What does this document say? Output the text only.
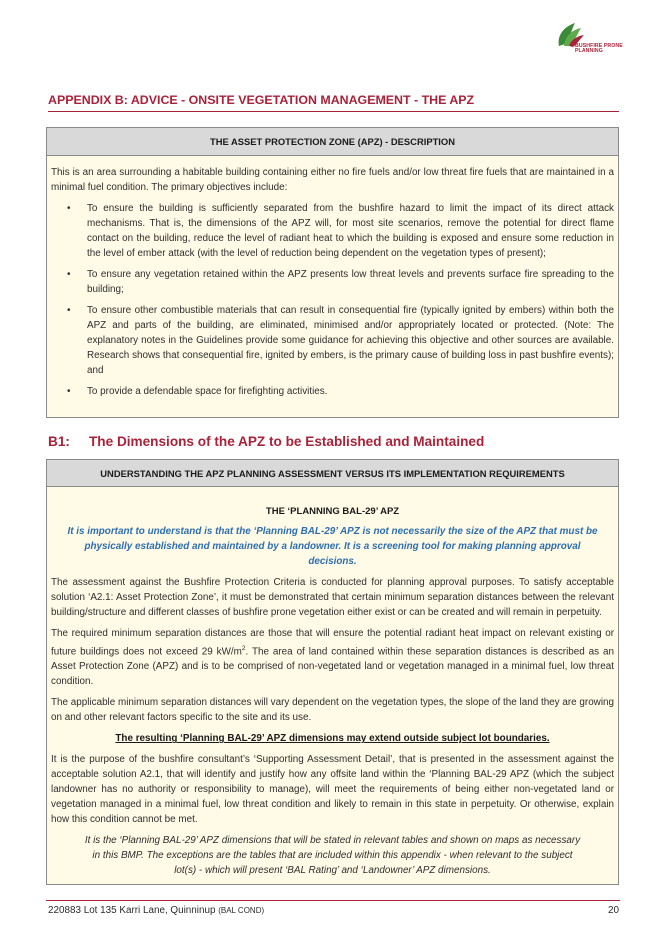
BUSHFIRE PRONE PLANNING
APPENDIX B: ADVICE - ONSITE VEGETATION MANAGEMENT - THE APZ
THE ASSET PROTECTION ZONE (APZ) - DESCRIPTION

This is an area surrounding a habitable building containing either no fire fuels and/or low threat fire fuels that are maintained in a minimal fuel condition. The primary objectives include:

• To ensure the building is sufficiently separated from the bushfire hazard to limit the impact of its direct attack mechanisms. That is, the dimensions of the APZ will, for most site scenarios, remove the potential for direct flame contact on the building, reduce the level of radiant heat to which the building is exposed and ensure some reduction in the level of ember attack (with the level of reduction being dependent on the vegetation types of present);
• To ensure any vegetation retained within the APZ presents low threat levels and prevents surface fire spreading to the building;
• To ensure other combustible materials that can result in consequential fire (typically ignited by embers) within both the APZ and parts of the building, are eliminated, minimised and/or appropriately located or protected. (Note: The explanatory notes in the Guidelines provide some guidance for achieving this objective and other sources are available. Research shows that consequential fire, ignited by embers, is the primary cause of building loss in past bushfire events); and
• To provide a defendable space for firefighting activities.
B1: The Dimensions of the APZ to be Established and Maintained
UNDERSTANDING THE APZ PLANNING ASSESSMENT VERSUS ITS IMPLEMENTATION REQUIREMENTS
THE ‘PLANNING BAL-29’ APZ

It is important to understand is that the ‘Planning BAL-29’ APZ is not necessarily the size of the APZ that must be physically established and maintained by a landowner. It is a screening tool for making planning approval decisions.

The assessment against the Bushfire Protection Criteria is conducted for planning approval purposes. To satisfy acceptable solution ‘A2.1: Asset Protection Zone’, it must be demonstrated that certain minimum separation distances between the relevant building/structure and different classes of bushfire prone vegetation either exist or can be created and will remain in perpetuity.

The required minimum separation distances are those that will ensure the potential radiant heat impact on relevant existing or future buildings does not exceed 29 $kW/m^2$. The area of land contained within these separation distances is described as an Asset Protection Zone (APZ) and is to be comprised of non-vegetated land or vegetation managed in a minimal fuel, low threat condition.

The applicable minimum separation distances will vary dependent on the vegetation types, the slope of the land they are growing on and other relevant factors specific to the site and its use.

The resulting ‘Planning BAL-29’ APZ dimensions may extend outside subject lot boundaries.

It is the purpose of the bushfire consultant’s ‘Supporting Assessment Detail’, that is presented in the assessment against the acceptable solution A2.1, that will identify and justify how any offsite land within the ‘Planning BAL-29 APZ (which the subject landowner has no authority or responsibility to manage), will meet the requirements of being either non-vegetated land or vegetation managed in a minimal fuel, low threat condition and likely to remain in this state in perpetuity. Or otherwise, explain how this condition cannot be met.

It is the ‘Planning BAL-29’ APZ dimensions that will be stated in relevant tables and shown on maps as necessary in this BMP. The exceptions are the tables that are included within this appendix - when relevant to the subject lot(s) - which will present ‘BAL Rating’ and ‘Landowner’ APZ dimensions.

220883 Lot 135 Karri Lane, Quinninup (BAL COND)	20
